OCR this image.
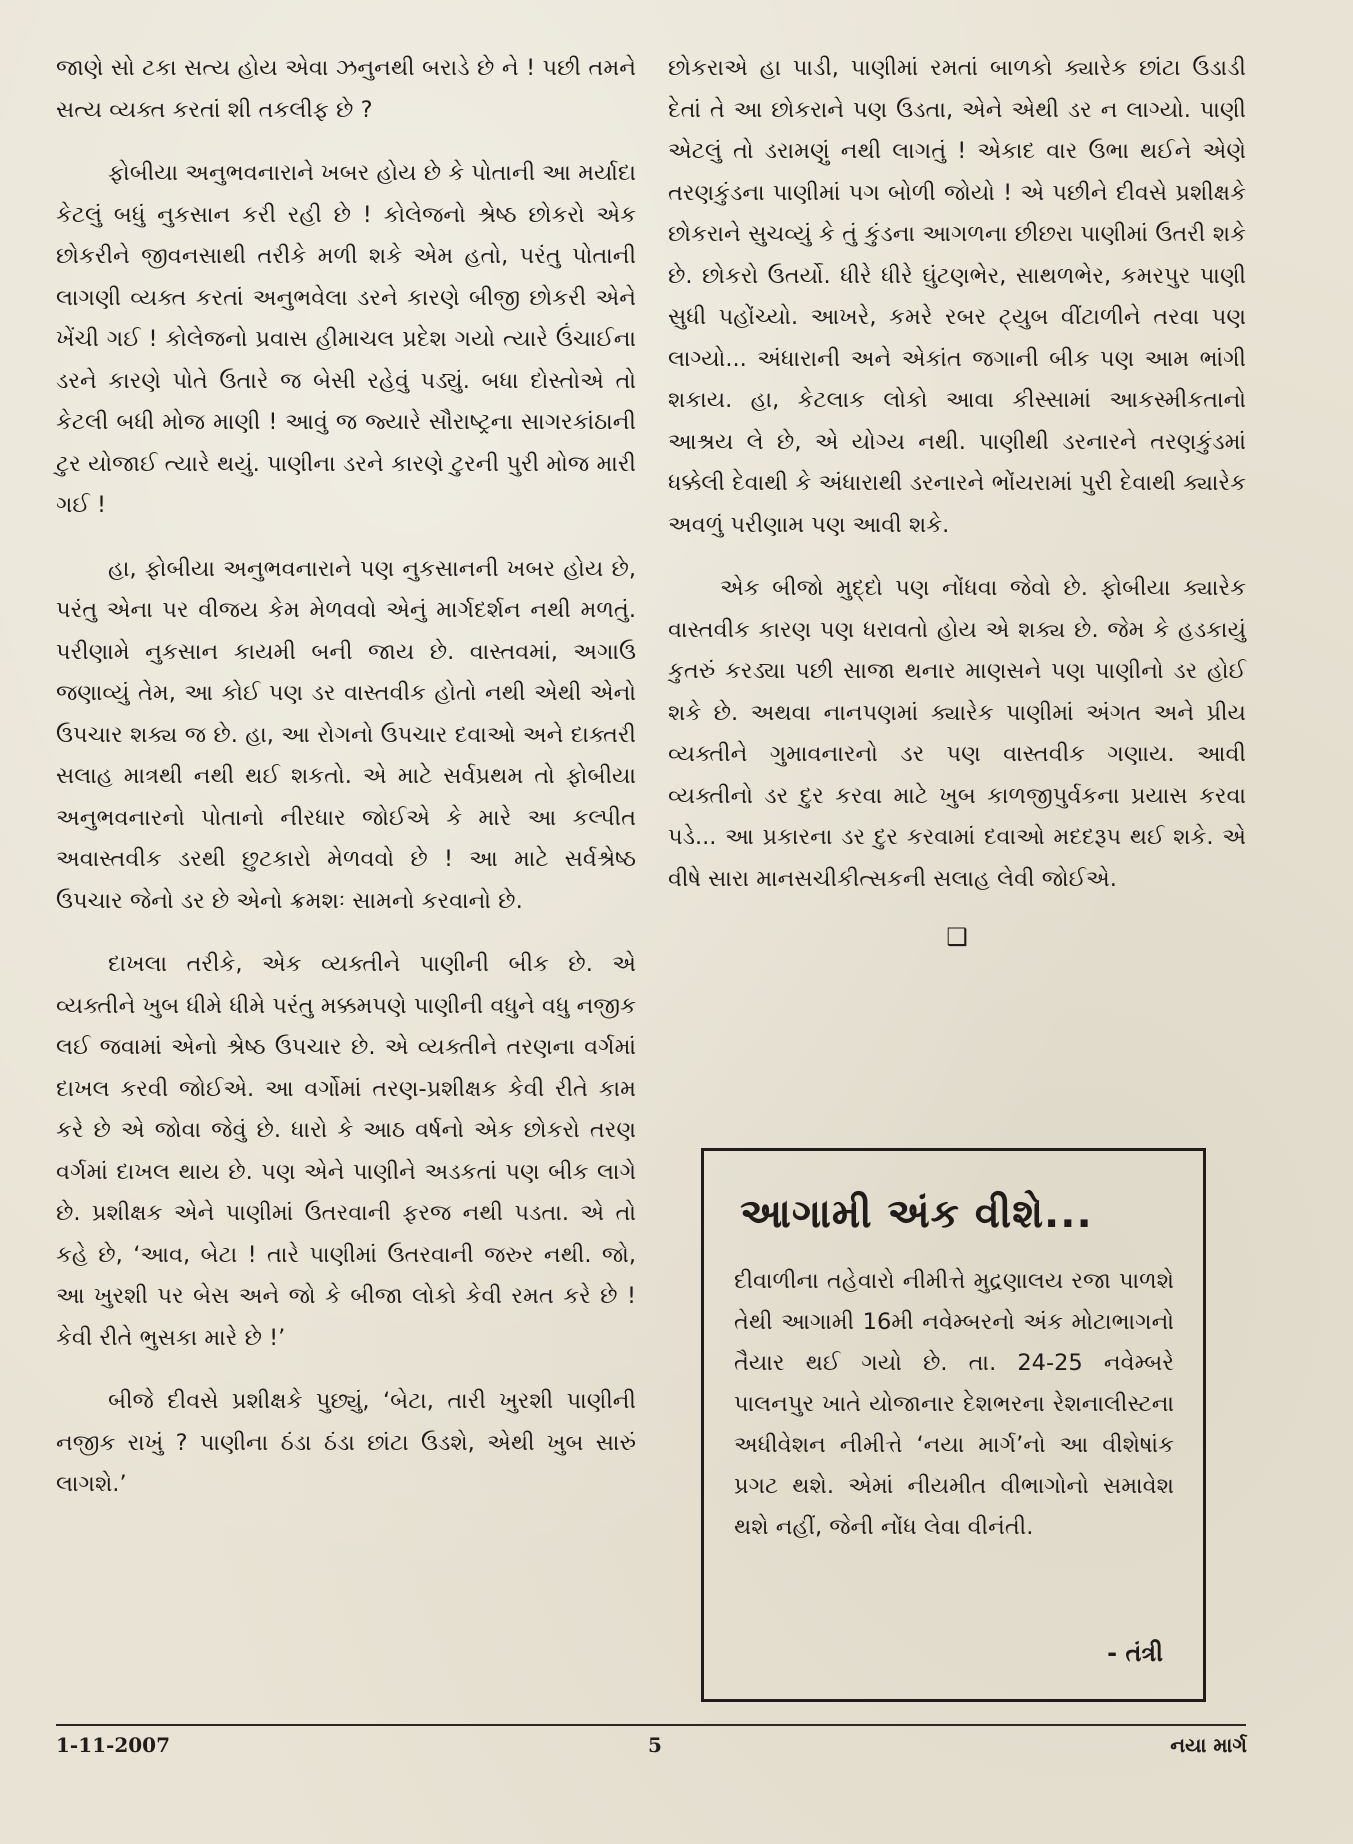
જાણે સો ટકા સત્ય હોય એવા ઝનુનથી બરાડે છે ને ! પછી તમને સત્ય વ્યક્ત કરતાં શી તકલીફ છે ?

ફોબીયા અનુભવનારાને ખબર હોય છે કે પોતાની આ મર્યાદા કેટલું બધું નુકસાન કરી રહી છે ! કોલેજનો શ્રેષ્ઠ છોકરો એક છોકરીને જીવનસાથી તરીકે મળી શકે એમ હતો, પરંતુ પોતાની લાગણી વ્યક્ત કરતાં અનુભવેલા ડરને કારણે બીજી છોકરી એને ખેંચી ગઈ ! કોલેજનો પ્રવાસ હીમાચલ પ્રદેશ ગયો ત્યારે ઉંચાઈના ડરને કારણે પોતે ઉતારે જ બેસી રહેવું પડ્યું. બધા દોસ્તોએ તો કેટલી બધી મોજ માણી ! આવું જ જ્યારે સૌરાષ્ટ્રના સાગરકાંઠાની ટુર યોજાઈ ત્યારે થયું. પાણીના ડરને કારણે ટુરની પુરી મોજ મારી ગઈ !

હા, ફોબીયા અનુભવનારાને પણ નુકસાનની ખબર હોય છે, પરંતુ એના પર વીજય કેમ મેળવવો એનું માર્ગદર્શન નથી મળતું. પરીણામે નુકસાન કાયમી બની જાય છે. વાસ્તવમાં, અગાઉ જણાવ્યું તેમ, આ કોઈ પણ ડર વાસ્તવીક હોતો નથી એથી એનો ઉપચાર શક્ય જ છે. હા, આ રોગનો ઉપચાર દવાઓ અને દાક્તરી સલાહ માત્રથી નથી થઈ શકતો. એ માટે સર્વપ્રથમ તો ફોબીયા અનુભવનારનો પોતાનો નીરધાર જોઈએ કે મારે આ કલ્પીત અવાસ્તવીક ડરથી છુટકારો મેળવવો છે ! આ માટે સર્વશ્રેષ્ઠ ઉપચાર જેનો ડર છે એનો ક્રમશઃ સામનો કરવાનો છે.

દાખલા તરીકે, એક વ્યક્તીને પાણીની બીક છે. એ વ્યક્તીને ખુબ ધીમે ધીમે પરંતુ મક્કમપણે પાણીની વધુને વધુ નજીક લઈ જવામાં એનો શ્રેષ્ઠ ઉપચાર છે. એ વ્યક્તીને તરણના વર્ગમાં દાખલ કરવી જોઈએ. આ વર્ગોમાં તરણ-પ્રશીક્ષક કેવી રીતે કામ કરે છે એ જોવા જેવું છે. ધારો કે આઠ વર્ષનો એક છોકરો તરણ વર્ગમાં દાખલ થાય છે. પણ એને પાણીને અડકતાં પણ બીક લાગે છે. પ્રશીક્ષક એને પાણીમાં ઉતરવાની ફરજ નથી પડતા. એ તો કહે છે, ‘આવ, બેટા ! તારે પાણીમાં ઉતરવાની જરુર નથી. જો, આ ખુરશી પર બેસ અને જો કે બીજા લોકો કેવી રમત કરે છે ! કેવી રીતે ભુસકા મારે છે !’

બીજે દીવસે પ્રશીક્ષકે પુછ્યું, ‘બેટા, તારી ખુરશી પાણીની નજીક રાખું ? પાણીના ઠંડા ઠંડા છાંટા ઉડશે, એથી ખુબ સારું લાગશે.’

છોકરાએ હા પાડી, પાણીમાં રમતાં બાળકો ક્યારેક છાંટા ઉડાડી દેતાં તે આ છોકરાને પણ ઉડતા, એને એથી ડર ન લાગ્યો. પાણી એટલું તો ડરામણું નથી લાગતું ! એકાદ વાર ઉભા થઈને એણે તરણકુંડના પાણીમાં પગ બોળી જોયો ! એ પછીને દીવસે પ્રશીક્ષકે છોકરાને સુચવ્યું કે તું કુંડના આગળના છીછરા પાણીમાં ઉતરી શકે છે. છોકરો ઉતર્યો. ધીરે ધીરે ઘુંટણભેર, સાથળભેર, કમરપુર પાણી સુધી પહોંચ્યો. આખરે, કમરે રબર ટ્યુબ વીંટાળીને તરવા પણ લાગ્યો... અંધારાની અને એકાંત જગાની બીક પણ આમ ભાંગી શકાય. હા, કેટલાક લોકો આવા કીસ્સામાં આકસ્મીકતાનો આશ્રય લે છે, એ યોગ્ય નથી. પાણીથી ડરનારને તરણકુંડમાં ધક્કેલી દેવાથી કે અંધારાથી ડરનારને ભોંયરામાં પુરી દેવાથી ક્યારેક અવળું પરીણામ પણ આવી શકે.

એક બીજો મુદ્દો પણ નોંધવા જેવો છે. ફોબીયા ક્યારેક વાસ્તવીક કારણ પણ ધરાવતો હોય એ શક્ય છે. જેમ કે હડકાયું કુતરું કરડ્યા પછી સાજા થનાર માણસને પણ પાણીનો ડર હોઈ શકે છે. અથવા નાનપણમાં ક્યારેક પાણીમાં અંગત અને પ્રીય વ્યક્તીને ગુમાવનારનો ડર પણ વાસ્તવીક ગણાય. આવી વ્યક્તીનો ડર દુર કરવા માટે ખુબ કાળજીપુર્વકના પ્રયાસ કરવા પડે... આ પ્રકારના ડર દુર કરવામાં દવાઓ મદદરૂપ થઈ શકે. એ વીષે સારા માનસચીકીત્સકની સલાહ લેવી જોઈએ.

❑
આગામી અંક વીશે...

દીવાળીના તહેવારો નીમીત્તે મુદ્રણાલય રજા પાળશે તેથી આગામી 16મી નવેમ્બરનો અંક મોટાભાગનો તૈયાર થઈ ગયો છે. તા. 24-25 નવેમ્બરે પાલનપુર ખાતે યોજાનાર દેશભરના રેશનાલીસ્ટના અધીવેશન નીમીત્તે ‘નયા માર્ગ’નો આ વીશેષાંક પ્રગટ થશે. એમાં નીયમીત વીભાગોનો સમાવેશ થશે નહીં, જેની નોંધ લેવા વીનંતી.

- તંત્રી
1-11-2007	5	નયા માર્ગ
